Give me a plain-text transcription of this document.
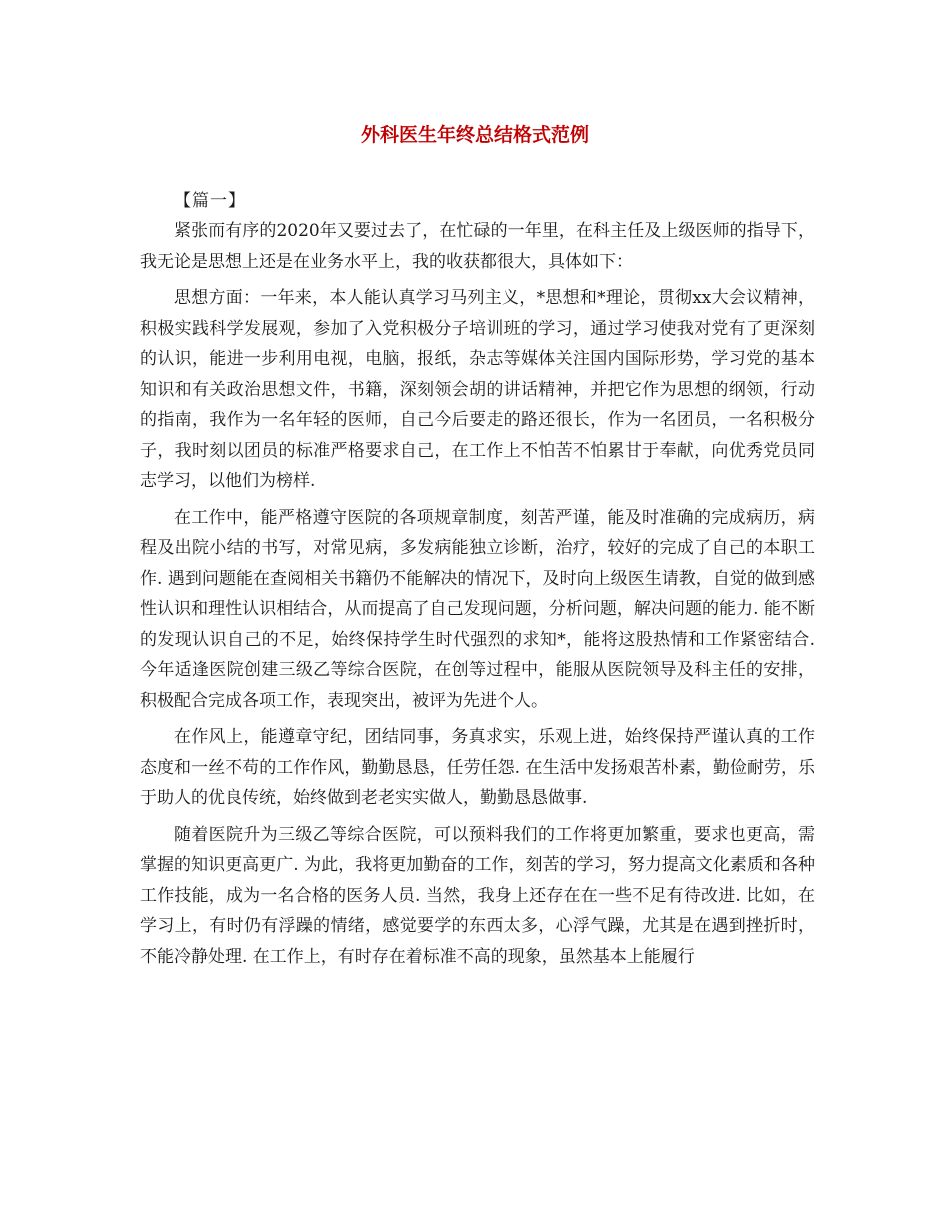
外科医生年终总结格式范例

【篇一】

紧张而有序的2020年又要过去了，在忙碌的一年里，在科主任及上级医师的指导下，我无论是思想上还是在业务水平上，我的收获都很大，具体如下：

思想方面：一年来，本人能认真学习马列主义，*思想和*理论，贯彻xx大会议精神，积极实践科学发展观，参加了入党积极分子培训班的学习，通过学习使我对党有了更深刻的认识，能进一步利用电视，电脑，报纸，杂志等媒体关注国内国际形势，学习党的基本知识和有关政治思想文件，书籍，深刻领会胡的讲话精神，并把它作为思想的纲领，行动的指南，我作为一名年轻的医师，自己今后要走的路还很长，作为一名团员，一名积极分子，我时刻以团员的标准严格要求自己，在工作上不怕苦不怕累甘于奉献，向优秀党员同志学习，以他们为榜样.

在工作中，能严格遵守医院的各项规章制度，刻苦严谨，能及时准确的完成病历，病程及出院小结的书写，对常见病，多发病能独立诊断，治疗，较好的完成了自己的本职工作. 遇到问题能在查阅相关书籍仍不能解决的情况下，及时向上级医生请教，自觉的做到感性认识和理性认识相结合，从而提高了自己发现问题，分析问题，解决问题的能力. 能不断的发现认识自己的不足，始终保持学生时代强烈的求知*，能将这股热情和工作紧密结合. 今年适逢医院创建三级乙等综合医院，在创等过程中，能服从医院领导及科主任的安排，积极配合完成各项工作，表现突出，被评为先进个人。

在作风上，能遵章守纪，团结同事，务真求实，乐观上进，始终保持严谨认真的工作态度和一丝不苟的工作作风，勤勤恳恳，任劳任怨. 在生活中发扬艰苦朴素，勤俭耐劳，乐于助人的优良传统，始终做到老老实实做人，勤勤恳恳做事.

随着医院升为三级乙等综合医院，可以预料我们的工作将更加繁重，要求也更高，需掌握的知识更高更广. 为此，我将更加勤奋的工作，刻苦的学习，努力提高文化素质和各种工作技能，成为一名合格的医务人员. 当然，我身上还存在在一些不足有待改进. 比如，在学习上，有时仍有浮躁的情绪，感觉要学的东西太多，心浮气躁，尤其是在遇到挫折时，不能冷静处理. 在工作上，有时存在着标准不高的现象，虽然基本上能履行
